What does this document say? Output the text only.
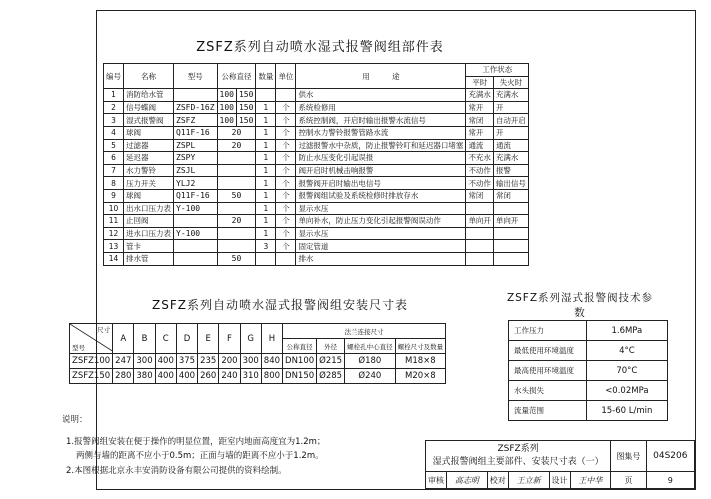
ZSFZ系列自动喷水湿式报警阀组部件表
编号	名称	型号	公称直径		数量	单位	用　　　途	工作状态	
								平时	失火时
1	消防给水管		100	150			供水	充满水	充满水
2	信号蝶阀	ZSFD-16Z	100	150	1	个	系统检修用	常开	开
3	湿式报警阀	ZSFZ	100	150	1	个	系统控制阀，开启时输出报警水流信号	常闭	自动开启
4	球阀	Q11F-16	20		1	个	控制水力警铃报警管路水流	常开	开
5	过滤器	ZSPL	20		1	个	过滤报警水中杂质，防止报警铃叮和延迟器口堵塞	通流	通流
6	延迟器	ZSPY			1	个	防止水压变化引起误报	不充水	充满水
7	水力警铃	ZSJL			1	个	阀开启时机械击响报警	不动作	报警
8	压力开关	YLJ2			1	个	报警阀开启时输出电信号	不动作	输出信号
9	球阀	Q11F-16	50		1	个	报警阀组试验及系统检修时排放存水	常闭	常闭
10	出水口压力表	Y-100			1	个	显示水压		
11	止回阀		20		1	个	单向补水，防止压力变化引起报警阀误动作	单向开	单向开
12	进水口压力表	Y-100			1	个	显示水压		
13	管卡				3	个	固定管道		
14	排水管		50				排水		
ZSFZ系列自动喷水湿式报警阀组安装尺寸表
尺寸
型号	A	B	C	D	E	F	G	H	法兰连接尺寸			
									公称直径	外径	螺栓孔中心直径	螺栓尺寸及数量
ZSFZ100	247	300	400	375	235	200	300	840	DN100	Ø215	Ø180	M18×8
ZSFZ150	280	380	400	400	260	240	310	800	DN150	Ø285	Ø240	M20×8
ZSFZ系列湿式报警阀技术参数
工作压力	1.6MPa
最低使用环境温度	4°C
最高使用环境温度	70°C
水头损失	<0.02MPa
流量范围	15-60 L/min
说明：
1.报警阀组安装在便于操作的明显位置，距室内地面高度宜为1.2m；
两侧与墙的距离不应小于0.5m；正面与墙的距离不应小于1.2m。
2.本图根据北京永丰安消防设备有限公司提供的资料绘制。
ZSFZ系列
湿式报警阀组主要部件、安装尺寸表（一）						图集号	04S206
审核	高志明	校对	王立新	设计	王中华	页	9
